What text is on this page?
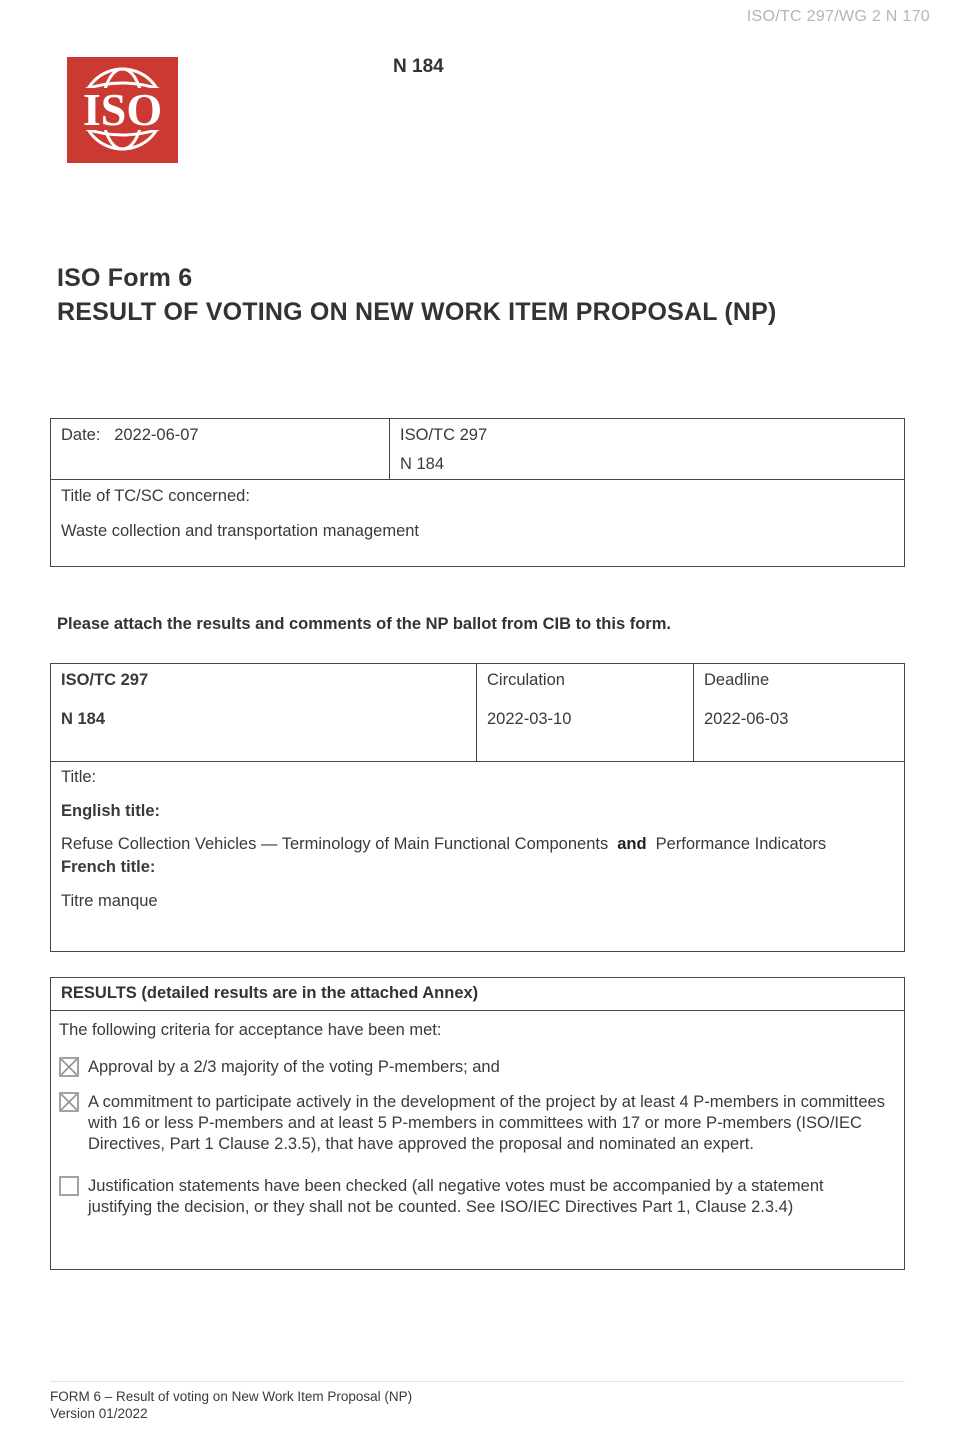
ISO/TC 297/WG 2 N 170
ISO
N 184
ISO Form 6
RESULT OF VOTING ON NEW WORK ITEM PROPOSAL (NP)
Date: 2022-06-07	ISO/TC 297
N 184
Title of TC/SC concerned:
Waste collection and transportation management
Please attach the results and comments of the NP ballot from CIB to this form.
ISO/TC 297
N 184
Circulation
2022-03-10
Deadline
2022-06-03
Title:
English title:
Refuse Collection Vehicles — Terminology of Main Functional Components and Performance Indicators
French title:
Titre manque
RESULTS (detailed results are in the attached Annex)
The following criteria for acceptance have been met:
Approval by a 2/3 majority of the voting P-members; and
A commitment to participate actively in the development of the project by at least 4 P-members in committees with 16 or less P-members and at least 5 P-members in committees with 17 or more P-members (ISO/IEC Directives, Part 1 Clause 2.3.5), that have approved the proposal and nominated an expert.
Justification statements have been checked (all negative votes must be accompanied by a statement justifying the decision, or they shall not be counted. See ISO/IEC Directives Part 1, Clause 2.3.4)
FORM 6 – Result of voting on New Work Item Proposal (NP)
Version 01/2022
